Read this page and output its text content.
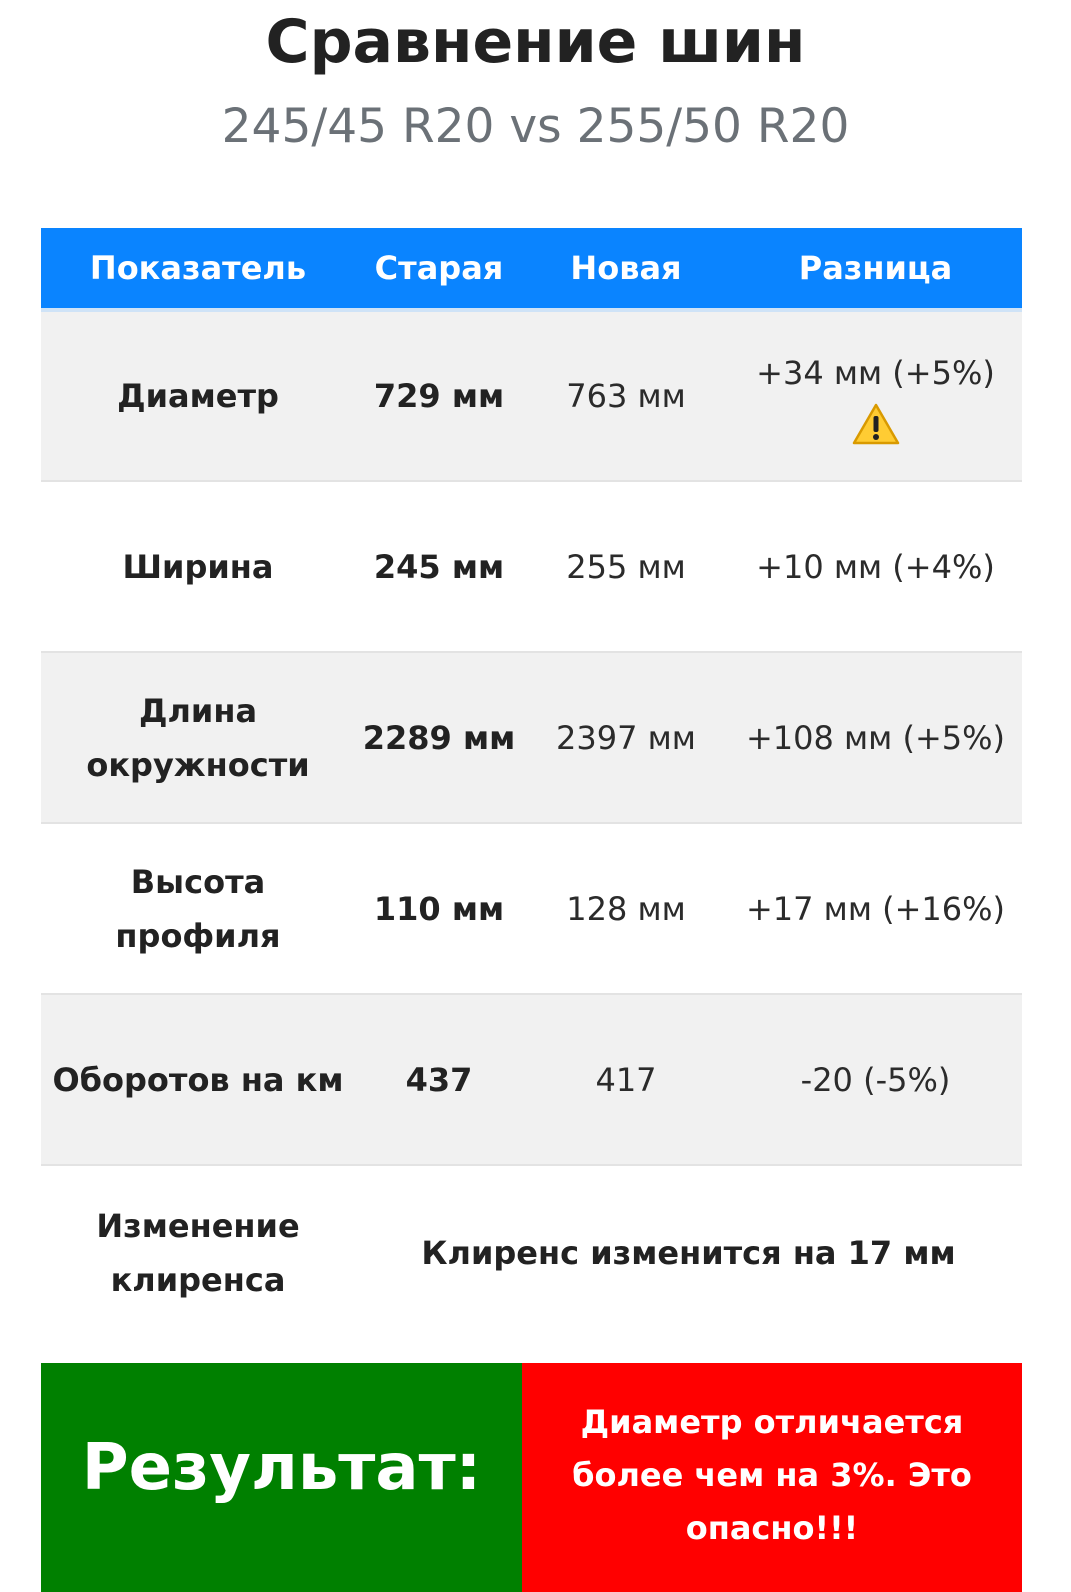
Сравнение шин
245/45 R20 vs 255/50 R20
Показатель	Старая	Новая	Разница
Диаметр	729 мм	763 мм	+34 мм (+5%)

Ширина	245 мм	255 мм	+10 мм (+4%)
Длина окружности	2289 мм	2397 мм	+108 мм (+5%)
Высота профиля	110 мм	128 мм	+17 мм (+16%)
Оборотов на км	437	417	-20 (-5%)
Изменение клиренса	Клиренс изменится на 17 мм		
Результат:
Диаметр отличается более чем на 3%. Это опасно!!!
